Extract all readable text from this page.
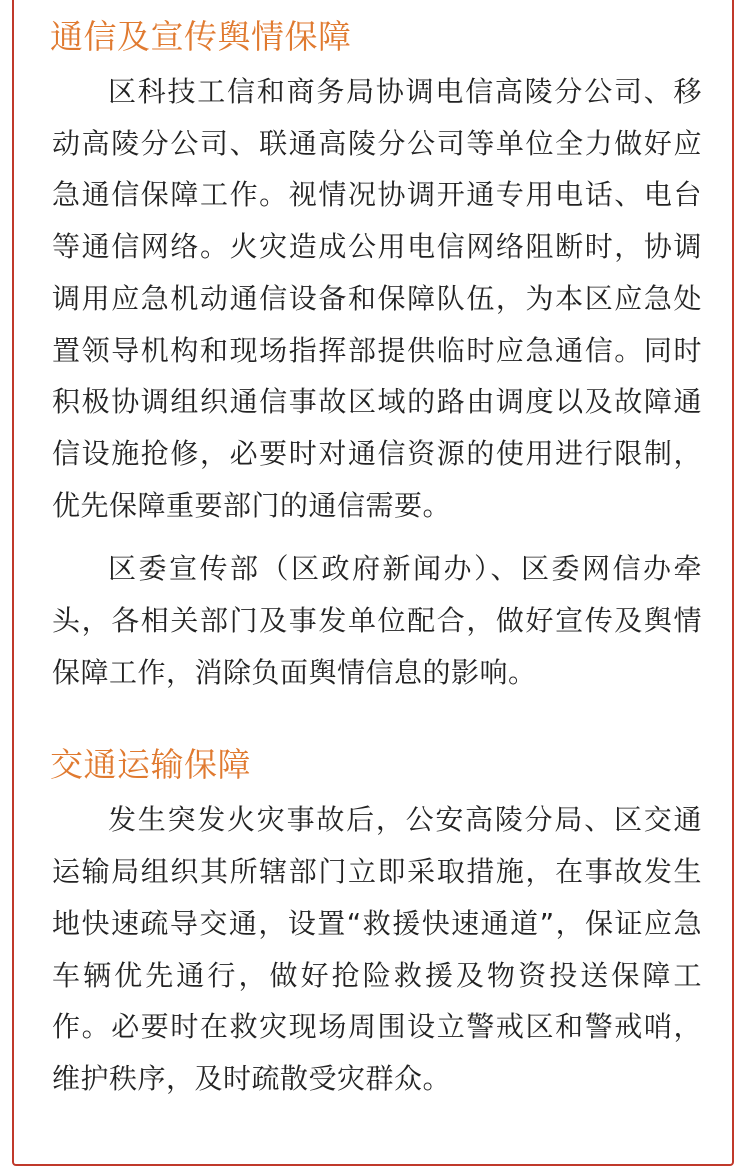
通信及宣传舆情保障

区科技工信和商务局协调电信高陵分公司、移动高陵分公司、联通高陵分公司等单位全力做好应急通信保障工作。视情况协调开通专用电话、电台等通信网络。火灾造成公用电信网络阻断时，协调调用应急机动通信设备和保障队伍，为本区应急处置领导机构和现场指挥部提供临时应急通信。同时积极协调组织通信事故区域的路由调度以及故障通信设施抢修，必要时对通信资源的使用进行限制，优先保障重要部门的通信需要。

区委宣传部（区政府新闻办）、区委网信办牵头，各相关部门及事发单位配合，做好宣传及舆情保障工作，消除负面舆情信息的影响。

交通运输保障

发生突发火灾事故后，公安高陵分局、区交通运输局组织其所辖部门立即采取措施，在事故发生地快速疏导交通，设置“救援快速通道”，保证应急车辆优先通行，做好抢险救援及物资投送保障工作。必要时在救灾现场周围设立警戒区和警戒哨，维护秩序，及时疏散受灾群众。
